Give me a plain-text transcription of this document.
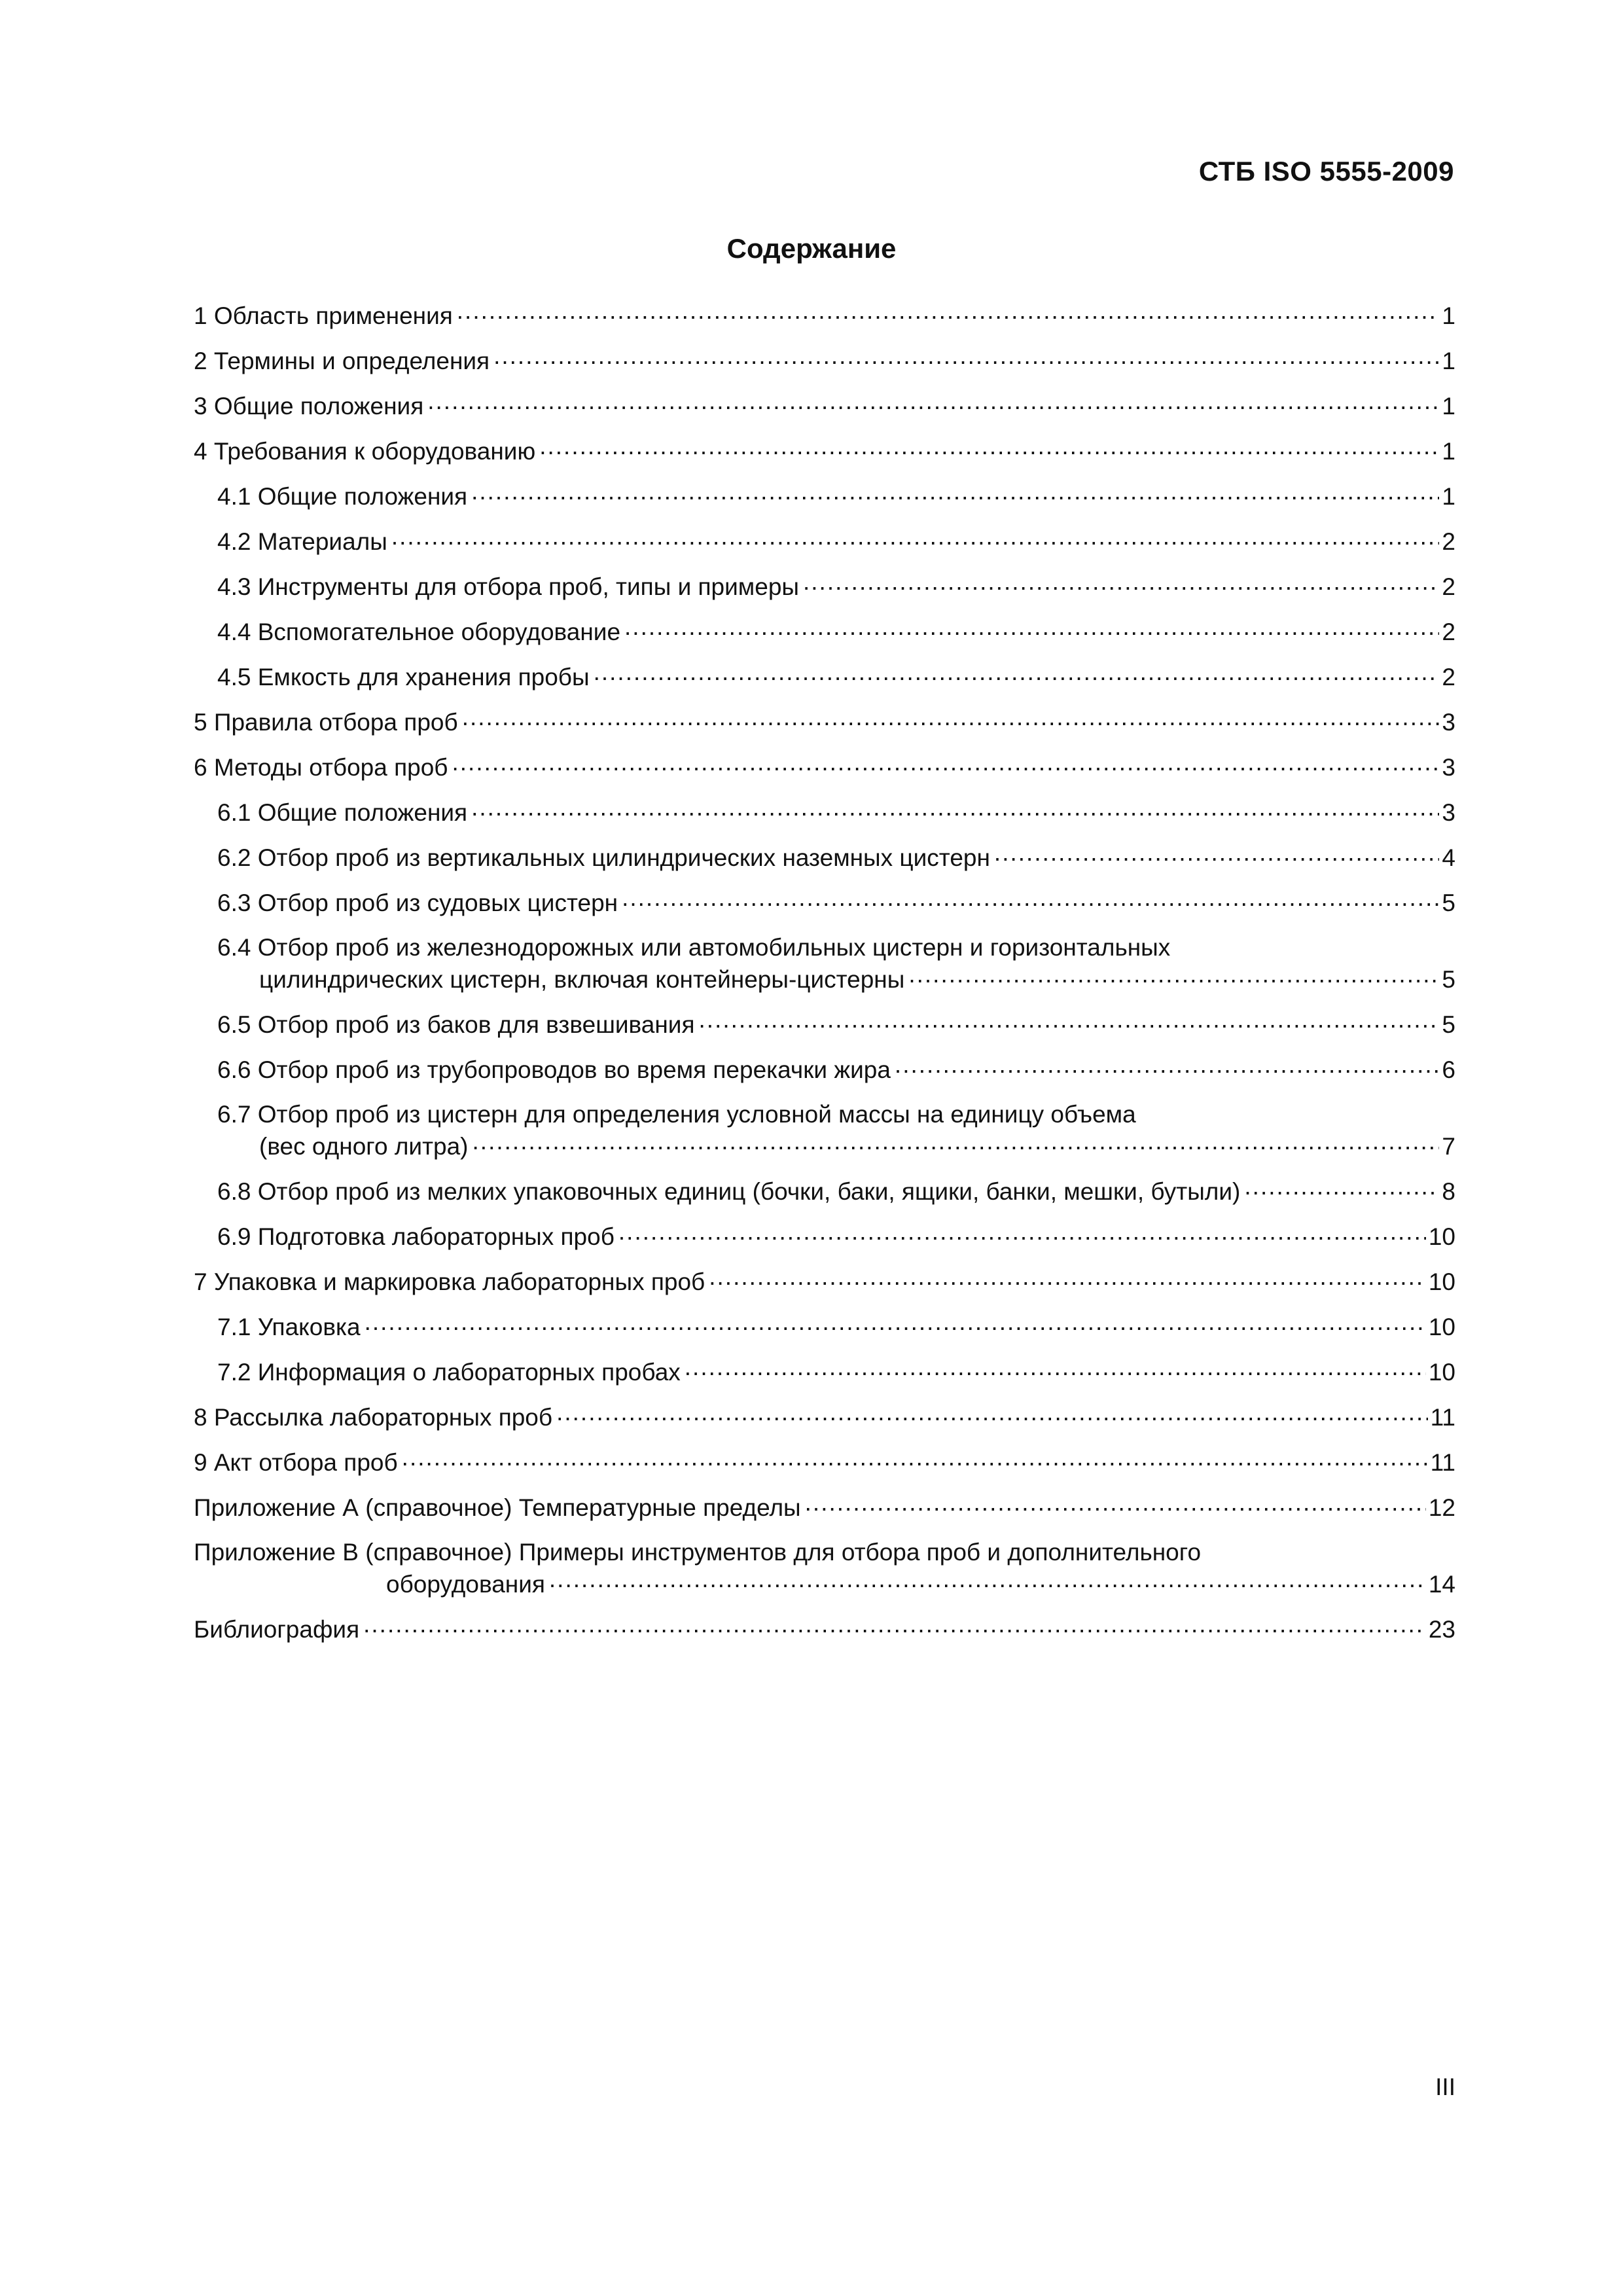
СТБ ISO 5555-2009
Содержание
1 Область применения .....	1
2 Термины и определения .....	1
3 Общие положения .....	1
4 Требования к оборудованию .....	1
4.1 Общие положения .....	1
4.2 Материалы .....	2
4.3 Инструменты для отбора проб, типы и примеры .....	2
4.4 Вспомогательное оборудование .....	2
4.5 Емкость для хранения пробы .....	2
5 Правила отбора проб .....	3
6 Методы отбора проб .....	3
6.1 Общие положения .....	3
6.2 Отбор проб из вертикальных цилиндрических наземных цистерн .....	4
6.3 Отбор проб из судовых цистерн .....	5
6.4 Отбор проб из железнодорожных или автомобильных цистерн и горизонтальных
цилиндрических цистерн, включая контейнеры-цистерны .....	5
6.5 Отбор проб из баков для взвешивания .....	5
6.6 Отбор проб из трубопроводов во время перекачки жира .....	6
6.7 Отбор проб из цистерн для определения условной массы на единицу объема
(вес одного литра) .....	7
6.8 Отбор проб из мелких упаковочных единиц (бочки, баки, ящики, банки, мешки, бутыли) .....	8
6.9 Подготовка лабораторных проб .....	10
7 Упаковка и маркировка лабораторных проб .....	10
7.1 Упаковка .....	10
7.2 Информация о лабораторных пробах .....	10
8 Рассылка лабораторных проб .....	11
9 Акт отбора проб .....	11
Приложение А (справочное) Температурные пределы .....	12
Приложение В (справочное) Примеры инструментов для отбора проб и дополнительного
оборудования .....	14
Библиография .....	23
III
